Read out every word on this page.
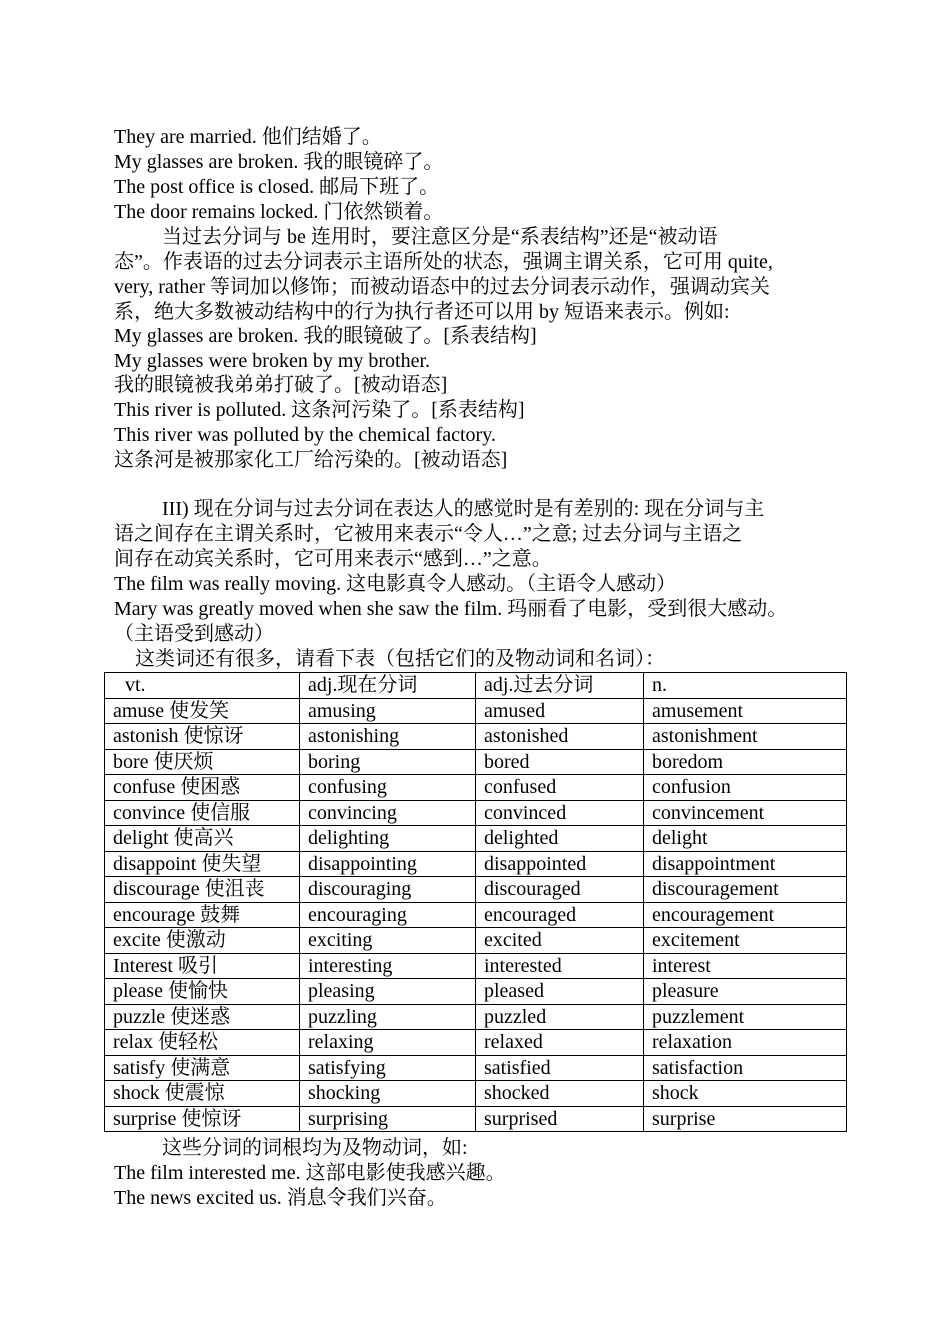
They are married. 他们结婚了。
My glasses are broken. 我的眼镜碎了。
The post office is closed. 邮局下班了。
The door remains locked. 门依然锁着。
当过去分词与 be 连用时，要注意区分是“系表结构”还是“被动语
态”。作表语的过去分词表示主语所处的状态，强调主谓关系，它可用 quite,
very, rather 等词加以修饰；而被动语态中的过去分词表示动作，强调动宾关
系，绝大多数被动结构中的行为执行者还可以用 by 短语来表示。例如:
My glasses are broken. 我的眼镜破了。[系表结构]
My glasses were broken by my brother.
我的眼镜被我弟弟打破了。[被动语态]
This river is polluted. 这条河污染了。[系表结构]
This river was polluted by the chemical factory.
这条河是被那家化工厂给污染的。[被动语态]
III) 现在分词与过去分词在表达人的感觉时是有差别的: 现在分词与主
语之间存在主谓关系时，它被用来表示“令人…”之意; 过去分词与主语之
间存在动宾关系时，它可用来表示“感到…”之意。
The film was really moving. 这电影真令人感动。（主语令人感动）
Mary was greatly moved when she saw the film. 玛丽看了电影，受到很大感动。
（主语受到感动）
这类词还有很多，请看下表（包括它们的及物动词和名词）：
vt.	adj.现在分词	adj.过去分词	n.
amuse 使发笑	amusing	amused	amusement
astonish 使惊讶	astonishing	astonished	astonishment
bore 使厌烦	boring	bored	boredom
confuse 使困惑	confusing	confused	confusion
convince 使信服	convincing	convinced	convincement
delight 使高兴	delighting	delighted	delight
disappoint 使失望	disappointing	disappointed	disappointment
discourage 使沮丧	discouraging	discouraged	discouragement
encourage 鼓舞	encouraging	encouraged	encouragement
excite 使激动	exciting	excited	excitement
Interest 吸引	interesting	interested	interest
please 使愉快	pleasing	pleased	pleasure
puzzle 使迷惑	puzzling	puzzled	puzzlement
relax 使轻松	relaxing	relaxed	relaxation
satisfy 使满意	satisfying	satisfied	satisfaction
shock 使震惊	shocking	shocked	shock
surprise 使惊讶	surprising	surprised	surprise
这些分词的词根均为及物动词，如:
The film interested me. 这部电影使我感兴趣。
The news excited us. 消息令我们兴奋。
